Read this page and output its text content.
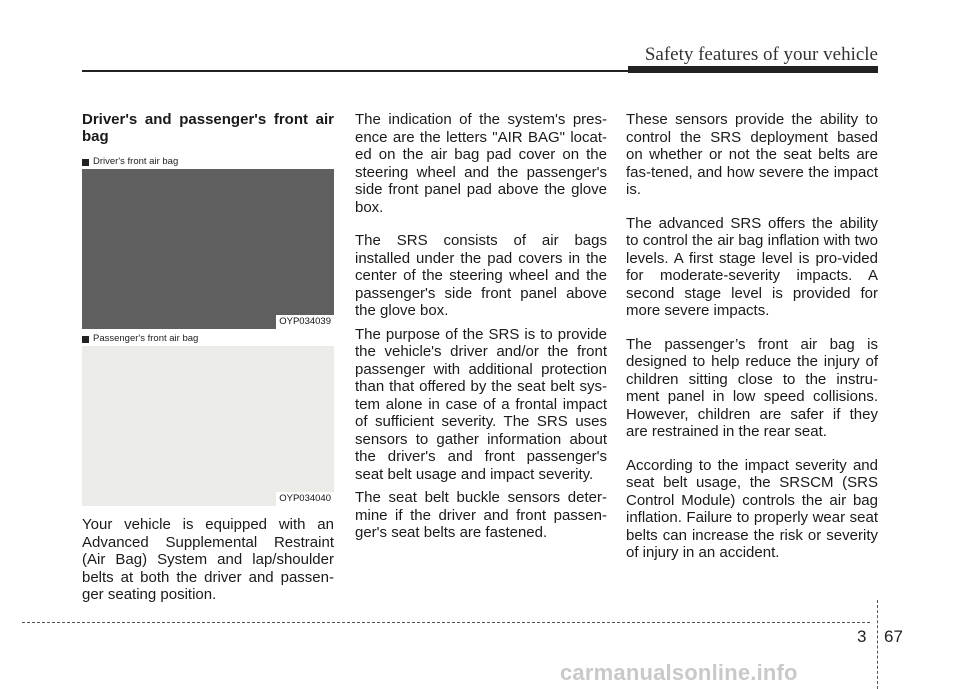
Safety features of your vehicle

Driver's and passenger's front air bag

Driver's front air bag
OYP034039
Passenger's front air bag
OYP034040

Your vehicle is equipped with an Advanced Supplemental Restraint (Air Bag) System and lap/shoulder belts at both the driver and passen-ger seating position.

The indication of the system's pres-ence are the letters "AIR BAG" locat-ed on the air bag pad cover on the steering wheel and the passenger's side front panel pad above the glove box.

The SRS consists of air bags installed under the pad covers in the center of the steering wheel and the passenger's side front panel above the glove box.

The purpose of the SRS is to provide the vehicle's driver and/or the front passenger with additional protection than that offered by the seat belt sys-tem alone in case of a frontal impact of sufficient severity. The SRS uses sensors to gather information about the driver's and front passenger's seat belt usage and impact severity.

The seat belt buckle sensors deter-mine if the driver and front passen-ger's seat belts are fastened.

These sensors provide the ability to control the SRS deployment based on whether or not the seat belts are fas-tened, and how severe the impact is.

The advanced SRS offers the ability to control the air bag inflation with two levels. A first stage level is pro-vided for moderate-severity impacts. A second stage level is provided for more severe impacts.

The passenger’s front air bag is designed to help reduce the injury of children sitting close to the instru-ment panel in low speed collisions. However, children are safer if they are restrained in the rear seat.

According to the impact severity and seat belt usage, the SRSCM (SRS Control Module) controls the air bag inflation. Failure to properly wear seat belts can increase the risk or severity of injury in an accident.

3 67
carmanualsonline.info
